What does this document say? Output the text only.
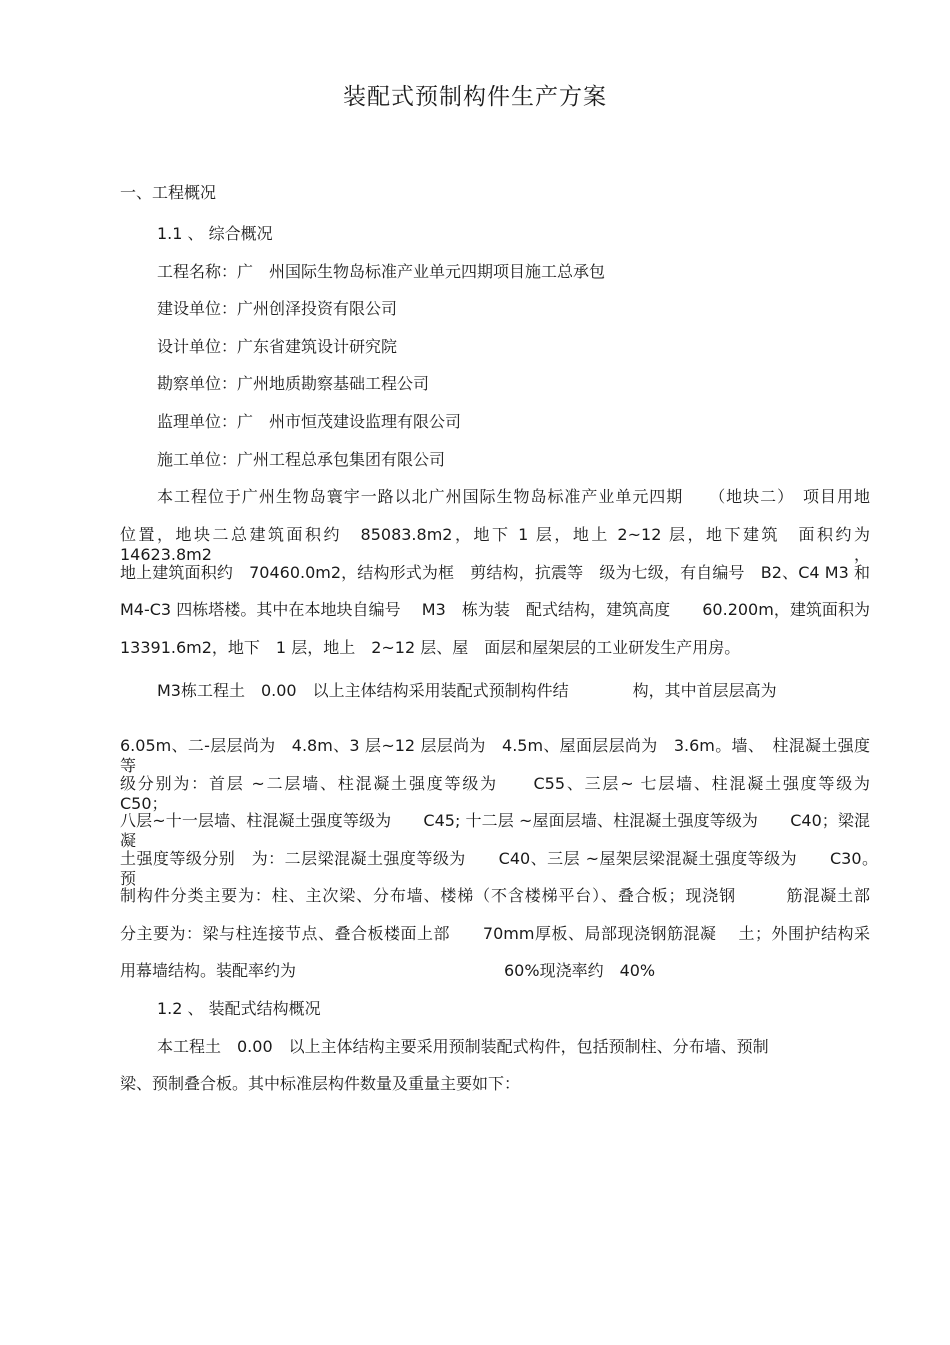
装配式预制构件生产方案
一、工程概况
1.1 、 综合概况
工程名称：广　州国际生物岛标准产业单元四期项目施工总承包
建设单位：广州创泽投资有限公司
设计单位：广东省建筑设计研究院
勘察单位：广州地质勘察基础工程公司
监理单位：广　州市恒茂建设监理有限公司
施工单位：广州工程总承包集团有限公司
本工程位于广州生物岛寰宇一路以北广州国际生物岛标准产业单元四期　　（地块二）　项目用地
位置，地块二总建筑面积约　85083.8m2，地下 1 层，地上 2~12 层，地下建筑　面积约为　14623.8m2，
地上建筑面积约　70460.0m2，结构形式为框　剪结构，抗震等　级为七级，有自编号　B2、C4 M3 和
M4-C3 四栋塔楼。其中在本地块自编号　 M3　栋为装　配式结构，建筑高度　　60.200m，建筑面积为
13391.6m2，地下　1 层，地上　2~12 层、屋　面层和屋架层的工业研发生产用房。
M3栋工程土　0.00　以上主体结构采用装配式预制构件结　　　　构，其中首层层高为
6.05m、二-层层尚为　4.8m、3 层~12 层层尚为　4.5m、屋面层层尚为　3.6m。墙、　柱混凝土强度等
级分别为：首层 ~二层墙、柱混凝土强度等级为　　C55、三层~ 七层墙、柱混凝土强度等级为　　C50；
八层~十一层墙、柱混凝土强度等级为　　C45; 十二层 ~屋面层墙、柱混凝土强度等级为　　C40；梁混凝
土强度等级分别　为：二层梁混凝土强度等级为　　C40、三层 ~屋架层梁混凝土强度等级为　　C30。　预
制构件分类主要为：柱、主次梁、分布墙、楼梯（不含楼梯平台）、叠合板；现浇钢　　　筋混凝土部
分主要为：梁与柱连接节点、叠合板楼面上部　　70mm厚板、局部现浇钢筋混凝　 土；外围护结构采
用幕墙结构。装配率约为　　　　　　　　　　　　　60%现浇率约　40%
1.2 、 装配式结构概况
本工程土　0.00　以上主体结构主要采用预制装配式构件，包括预制柱、分布墙、预制
梁、预制叠合板。其中标准层构件数量及重量主要如下：
